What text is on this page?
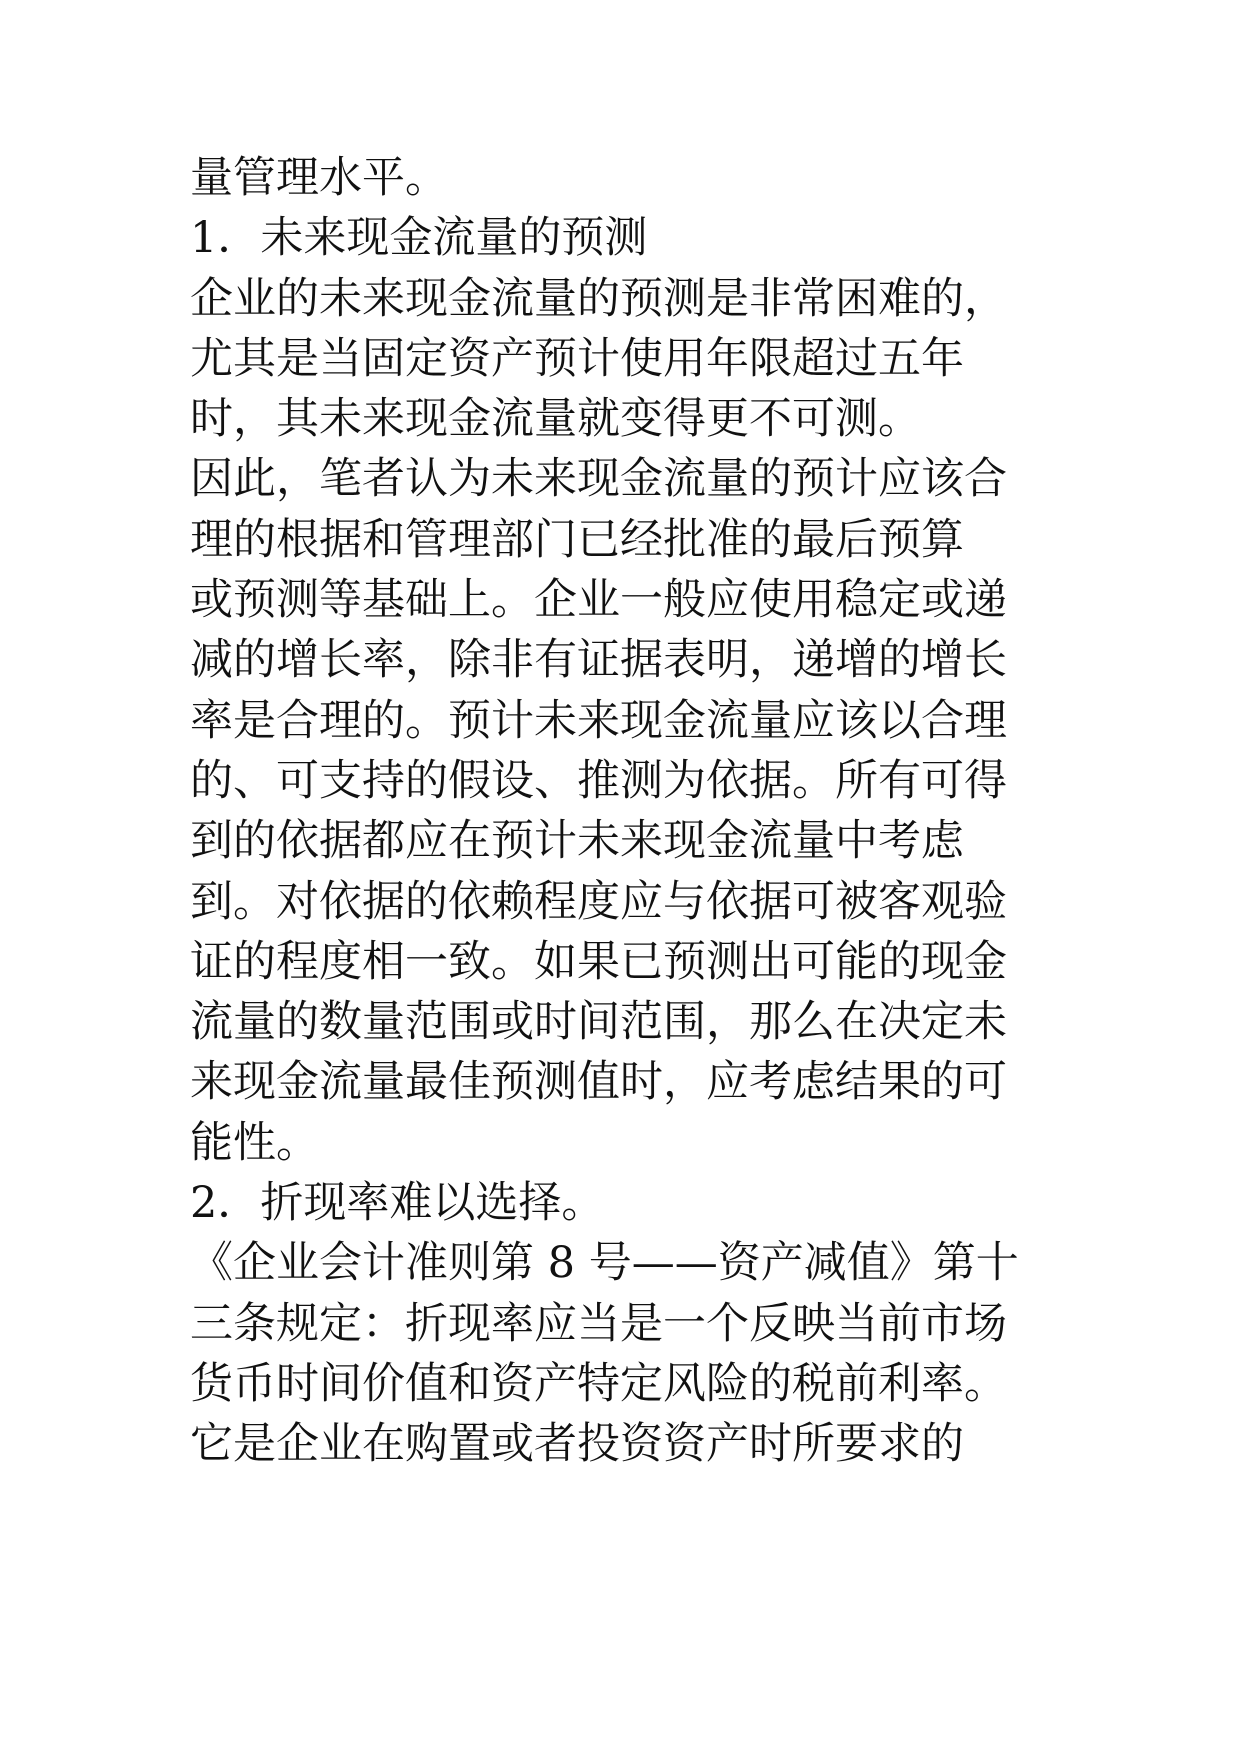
量管理水平。
1．未来现金流量的预测
企业的未来现金流量的预测是非常困难的，
尤其是当固定资产预计使用年限超过五年
时，其未来现金流量就变得更不可测。
因此，笔者认为未来现金流量的预计应该合
理的根据和管理部门已经批准的最后预算
或预测等基础上。企业一般应使用稳定或递
减的增长率，除非有证据表明，递增的增长
率是合理的。预计未来现金流量应该以合理
的、可支持的假设、推测为依据。所有可得
到的依据都应在预计未来现金流量中考虑
到。对依据的依赖程度应与依据可被客观验
证的程度相一致。如果已预测出可能的现金
流量的数量范围或时间范围，那么在决定未
来现金流量最佳预测值时，应考虑结果的可
能性。
2．折现率难以选择。
《企业会计准则第 8 号——资产减值》第十
三条规定：折现率应当是一个反映当前市场
货币时间价值和资产特定风险的税前利率。
它是企业在购置或者投资资产时所要求的
